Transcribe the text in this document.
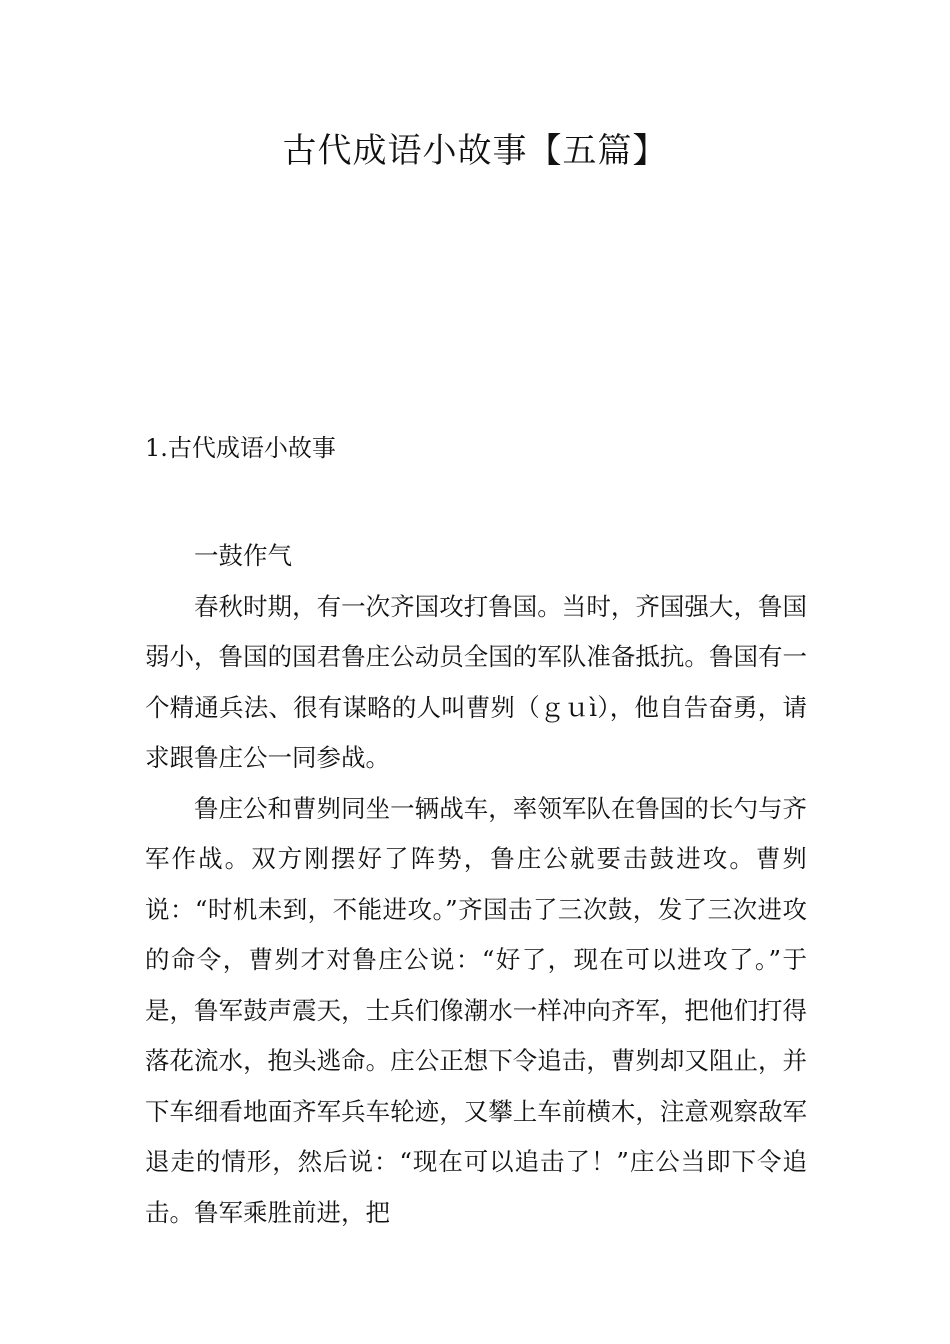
古代成语小故事【五篇】
1.古代成语小故事

一鼓作气

春秋时期，有一次齐国攻打鲁国。当时，齐国强大，鲁国弱小，鲁国的国君鲁庄公动员全国的军队准备抵抗。鲁国有一个精通兵法、很有谋略的人叫曹刿（ｇｕì），他自告奋勇，请求跟鲁庄公一同参战。

鲁庄公和曹刿同坐一辆战车，率领军队在鲁国的长勺与齐军作战。双方刚摆好了阵势，鲁庄公就要击鼓进攻。曹刿说：“时机未到，不能进攻。”齐国击了三次鼓，发了三次进攻的命令，曹刿才对鲁庄公说：“好了，现在可以进攻了。”于是，鲁军鼓声震天，士兵们像潮水一样冲向齐军，把他们打得落花流水，抱头逃命。庄公正想下令追击，曹刿却又阻止，并下车细看地面齐军兵车轮迹，又攀上车前横木，注意观察敌军退走的情形，然后说：“现在可以追击了！”庄公当即下令追击。鲁军乘胜前进，把
